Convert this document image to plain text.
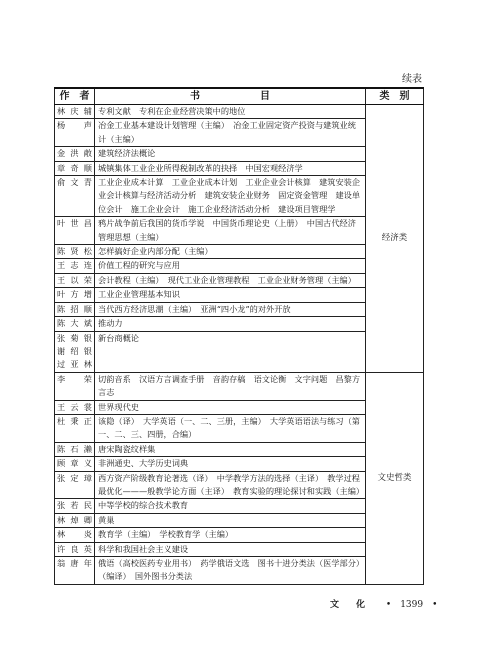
续表
作　者	书　　　　　　目	类　别
林庆辅	专利文献　专利在企业经营决策中的地位	经济类
杨　声	冶金工业基本建设计划管理（主编）　冶金工业固定资产投资与建筑业统计（主编）	
金洪敞	建筑经济法概论	
章奇顺	城镇集体工业企业所得税制改革的抉择　中国宏观经济学	
俞文青	工业企业成本计算　工业企业成本计划　工业企业会计核算　建筑安装企业会计核算与经济活动分析　建筑安装企业财务　固定资金管理　建设单位会计　施工企业会计　施工企业经济活动分析　建设项目管理学	
叶世昌	鸦片战争前后我国的货币学说　中国货币理论史（上册）　中国古代经济管理思想（主编）	
陈贤松	怎样搞好企业内部分配（主编）	
王志连	价值工程的研究与应用	
王以荣	会计教程（主编）　现代工业企业管理教程　工业企业财务管理（主编）	
叶方增	工业企业管理基本知识	
陈招顺	当代西方经济思潮（主编）　亚洲“四小龙”的对外开放	
陈大斌	推动力	
张菊银
谢绍银
过亚林	新台商概论	
李　荣	切韵音系　汉语方言调查手册　音韵存稿　语文论衡　文字问题　昌黎方言志	文史哲类
王云裳	世界现代史	
杜秉正	该隐（译）　大学英语（一、二、三册，主编）　大学英语语法与练习（第一、二、三、四册，合编）	
陈石濑	唐宋陶瓷纹样集	
顾章义	非洲通史、大学历史词典	
张定璋	西方资产阶级教育论著选（译）　中学教学方法的选择（主译）　教学过程最优化———般教学论方面（主译）　教育实验的理论探讨和实践（主编）	
张若民	中等学校的综合技术教育	
林焯卿	黄巢	
林　炎	教育学（主编）　学校教育学（主编）	
许良英	科学和我国社会主义建设	
翁唐年	俄语（高校医药专业用书）　药学俄语文选　图书十进分类法（医学部分）（编译）　国外图书分类法	
文　化 •　1399　•
